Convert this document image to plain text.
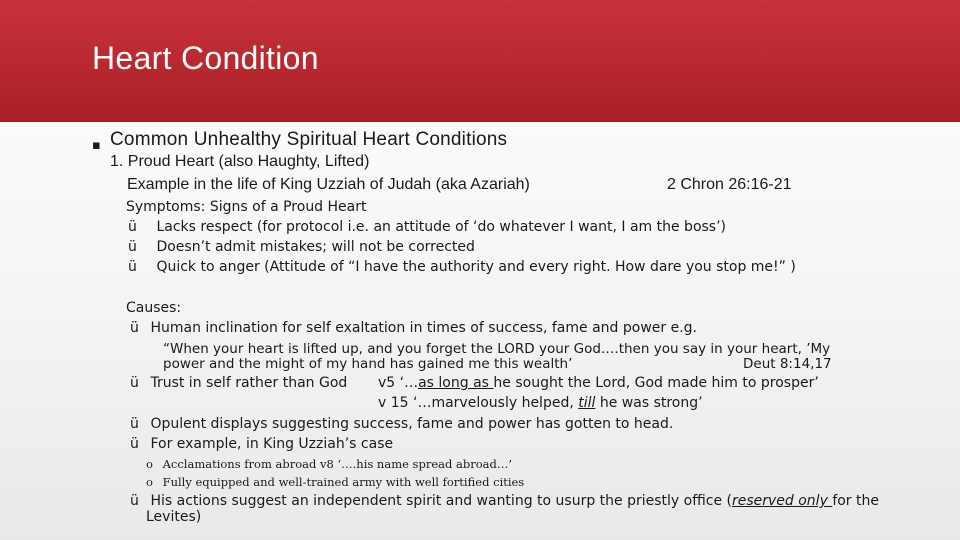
Heart Condition
▪ Common Unhealthy Spiritual Heart Conditions
1. Proud Heart (also Haughty, Lifted)
Example in the life of King Uzziah of Judah (aka Azariah)	2 Chron 26:16-21
Symptoms: Signs of a Proud Heart
ü Lacks respect (for protocol i.e. an attitude of ‘do whatever I want, I am the boss’)
ü Doesn’t admit mistakes; will not be corrected
ü Quick to anger (Attitude of “I have the authority and every right. How dare you stop me!” )
Causes:
ü Human inclination for self exaltation in times of success, fame and power e.g.
“When your heart is lifted up, and you forget the LORD your God….then you say in your heart, ’My
power and the might of my hand has gained me this wealth’	Deut 8:14,17
ü Trust in self rather than God v5 ‘…as long as he sought the Lord, God made him to prosper’
v 15 ‘…marvelously helped, till he was strong’
ü Opulent displays suggesting success, fame and power has gotten to head.
ü For example, in King Uzziah’s case
o Acclamations from abroad v8 ‘….his name spread abroad…’
o Fully equipped and well-trained army with well fortified cities
ü His actions suggest an independent spirit and wanting to usurp the priestly office (reserved only for the
Levites)
